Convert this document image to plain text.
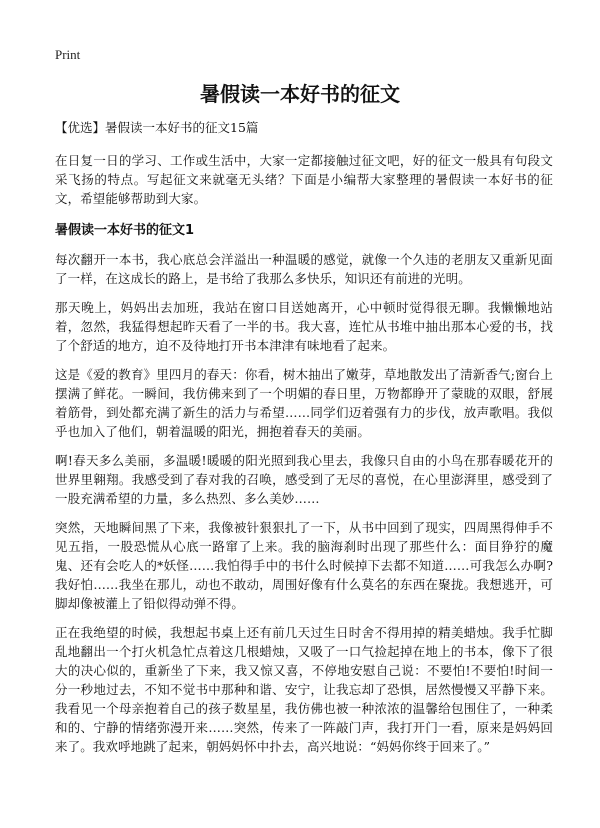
Print
暑假读一本好书的征文

【优选】暑假读一本好书的征文15篇

在日复一日的学习、工作或生活中，大家一定都接触过征文吧，好的征文一般具有句段文采飞扬的特点。写起征文来就毫无头绪？下面是小编帮大家整理的暑假读一本好书的征文，希望能够帮助到大家。

暑假读一本好书的征文1

每次翻开一本书，我心底总会洋溢出一种温暖的感觉，就像一个久违的老朋友又重新见面了一样，在这成长的路上，是书给了我那么多快乐，知识还有前进的光明。

那天晚上，妈妈出去加班，我站在窗口目送她离开，心中顿时觉得很无聊。我懒懒地站着，忽然，我猛得想起昨天看了一半的书。我大喜，连忙从书堆中抽出那本心爱的书，找了个舒适的地方，迫不及待地打开书本津津有味地看了起来。

这是《爱的教育》里四月的春天：你看，树木抽出了嫩芽，草地散发出了清新香气;窗台上摆满了鲜花。一瞬间，我仿佛来到了一个明媚的春日里，万物都睁开了蒙眬的双眼，舒展着筋骨，到处都充满了新生的活力与希望……同学们迈着强有力的步伐，放声歌唱。我似乎也加入了他们，朝着温暖的阳光，拥抱着春天的美丽。

啊!春天多么美丽，多温暖!暖暖的阳光照到我心里去，我像只自由的小鸟在那春暖花开的世界里翱翔。我感受到了春对我的召唤，感受到了无尽的喜悦，在心里澎湃里，感受到了一股充满希望的力量，多么热烈、多么美妙……

突然，天地瞬间黑了下来，我像被针狠狠扎了一下，从书中回到了现实，四周黑得伸手不见五指，一股恐慌从心底一路窜了上来。我的脑海刹时出现了那些什么：面目狰狞的魔鬼、还有会吃人的*妖怪……我怕得手中的书什么时候掉下去都不知道……可我怎么办啊?我好怕……我坐在那儿，动也不敢动，周围好像有什么莫名的东西在聚拢。我想逃开，可脚却像被灌上了铅似得动弹不得。

正在我绝望的时候，我想起书桌上还有前几天过生日时舍不得用掉的精美蜡烛。我手忙脚乱地翻出一个打火机急忙点着这几根蜡烛，又吸了一口气捡起掉在地上的书本，像下了很大的决心似的，重新坐了下来，我又惊又喜，不停地安慰自己说：不要怕!不要怕!时间一分一秒地过去，不知不觉书中那种和谐、安宁，让我忘却了恐惧，居然慢慢又平静下来。我看见一个母亲抱着自己的孩子数星星，我仿佛也被一种浓浓的温馨给包围住了，一种柔和的、宁静的情绪弥漫开来……突然，传来了一阵敲门声，我打开门一看，原来是妈妈回来了。我欢呼地跳了起来，朝妈妈怀中扑去，高兴地说：“妈妈你终于回来了。”
